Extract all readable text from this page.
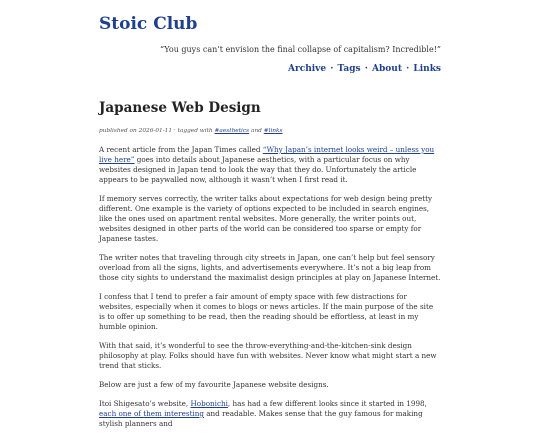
Stoic Club
“You guys can’t envision the final collapse of capitalism? Incredible!”
Archive · Tags · About · Links
Japanese Web Design
published on 2026-01-11 · tagged with #aesthetics and #links

A recent article from the Japan Times called “Why Japan’s internet looks weird – unless you live here” goes into details about Japanese aesthetics, with a particular focus on why websites designed in Japan tend to look the way that they do. Unfortunately the article appears to be paywalled now, although it wasn’t when I first read it.

If memory serves correctly, the writer talks about expectations for web design being pretty different. One example is the variety of options expected to be included in search engines, like the ones used on apartment rental websites. More generally, the writer points out, websites designed in other parts of the world can be considered too sparse or empty for Japanese tastes.

The writer notes that traveling through city streets in Japan, one can’t help but feel sensory overload from all the signs, lights, and advertisements everywhere. It’s not a big leap from those city sights to understand the maximalist design principles at play on Japanese Internet.

I confess that I tend to prefer a fair amount of empty space with few distractions for websites, especially when it comes to blogs or news articles. If the main purpose of the site is to offer up something to be read, then the reading should be effortless, at least in my humble opinion.

With that said, it’s wonderful to see the throw-everything-and-the-kitchen-sink design philosophy at play. Folks should have fun with websites. Never know what might start a new trend that sticks.

Below are just a few of my favourite Japanese website designs.

Itoi Shigesato’s website, Hobonichi, has had a few different looks since it started in 1998, each one of them interesting and readable. Makes sense that the guy famous for making stylish planners and
